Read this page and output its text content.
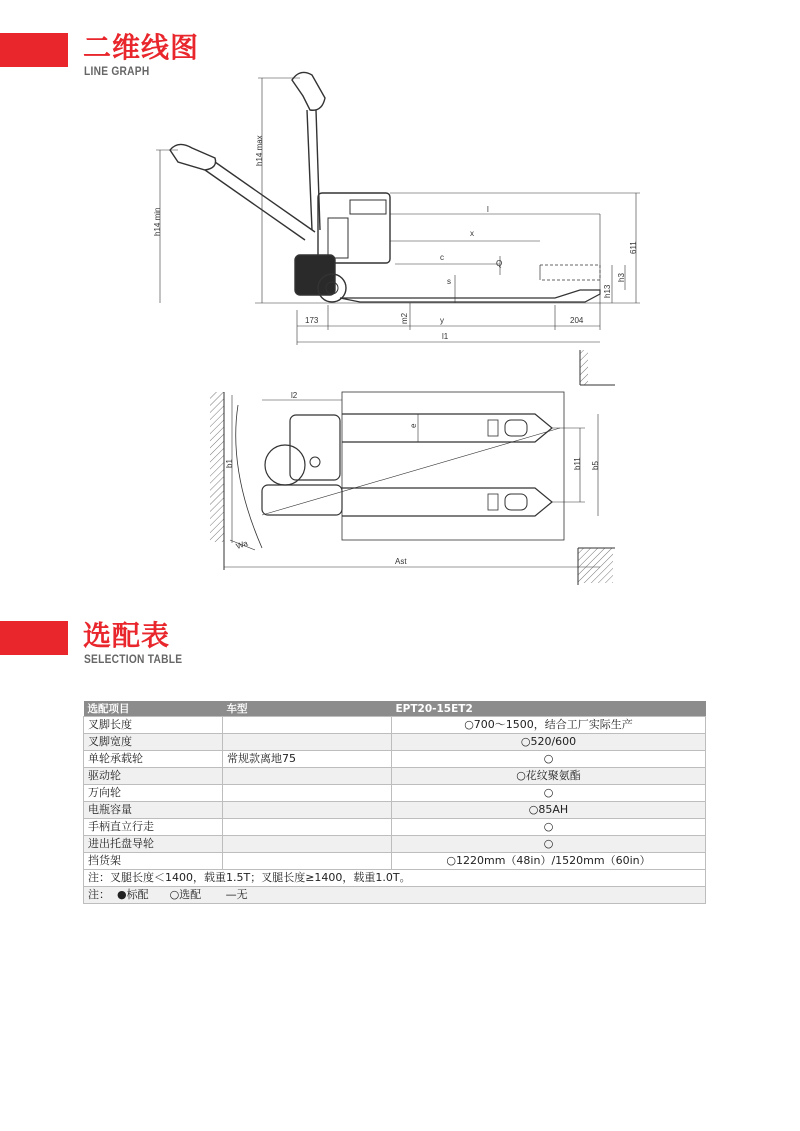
二维线图
LINE GRAPH
l
x
c
Q
s
173	m2	y	204
l1
h13
h3
611
h14 max
h14 min
l2
e
b1	b11 b5
Wa
Ast
选配表
SELECTION TABLE
选配项目	车型	EPT20-15ET2
叉脚长度		○700～1500，结合工厂实际生产
叉脚宽度		○520/600
单轮承载轮	常规款离地75	○
驱动轮		○花纹聚氨酯
万向轮		○
电瓶容量		○85AH
手柄直立行走		○
进出托盘导轮		○
挡货架		○1220mm（48in）/1520mm（60in）
注：叉腿长度＜1400，载重1.5T；叉腿长度≥1400，载重1.0T。		
注：  ●标配      ○选配       —无		
